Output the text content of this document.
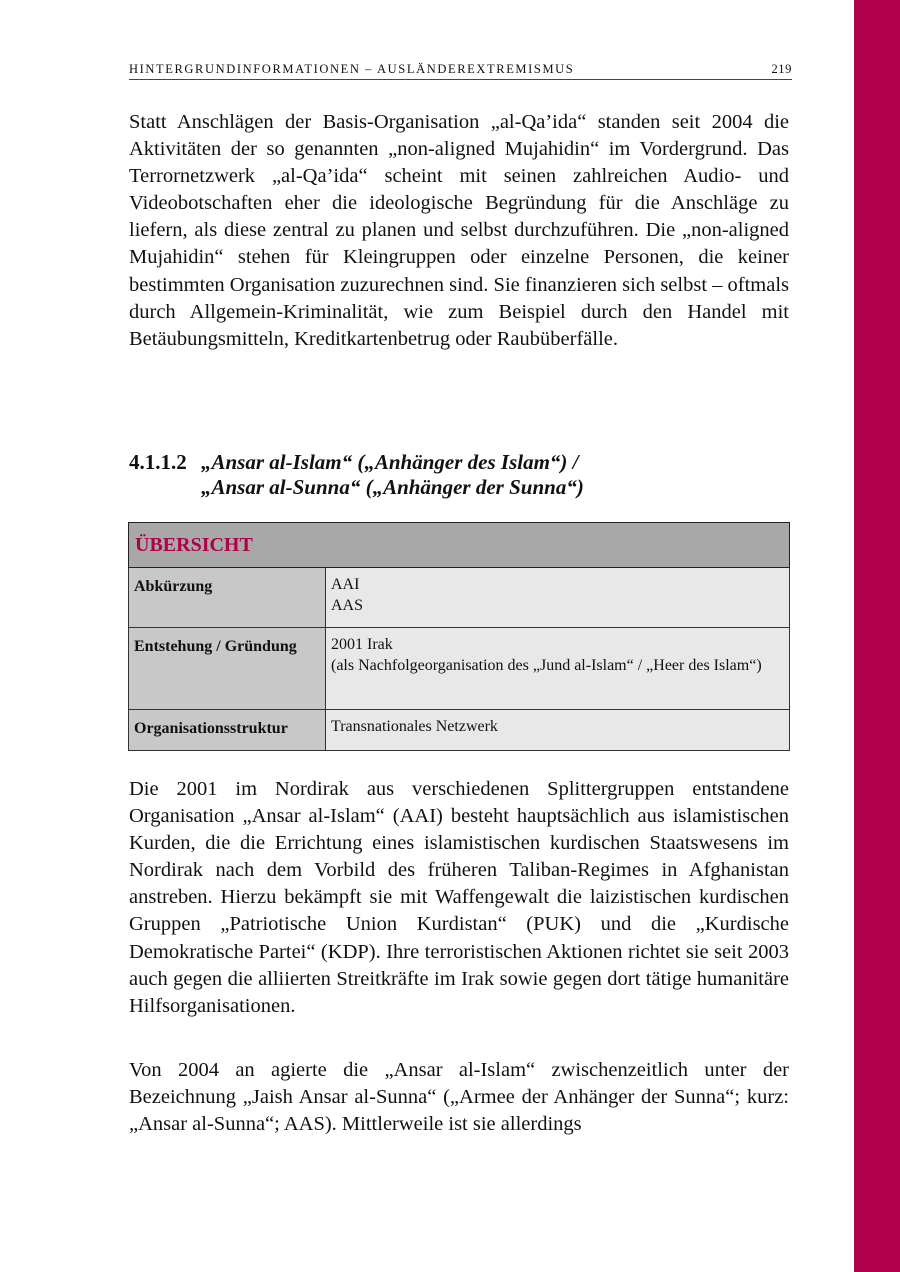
HINTERGRUNDINFORMATIONEN – AUSLÄNDEREXTREMISMUS	219

Statt Anschlägen der Basis-Organisation „al-Qa’ida“ standen seit 2004 die Aktivitäten der so genannten „non-aligned Mujahidin“ im Vordergrund. Das Terrornetzwerk „al-Qa’ida“ scheint mit seinen zahlreichen Audio- und Videobotschaften eher die ideologische Begründung für die Anschläge zu liefern, als diese zentral zu planen und selbst durchzuführen. Die „non-aligned Mujahidin“ stehen für Kleingruppen oder einzelne Personen, die keiner bestimmten Organisation zuzurechnen sind. Sie finanzieren sich selbst – oftmals durch Allgemein-Kriminalität, wie zum Beispiel durch den Handel mit Betäubungsmitteln, Kreditkartenbetrug oder Raubüberfälle.

4.1.1.2 „Ansar al-Islam“ („Anhänger des Islam“) /
„Ansar al-Sunna“ („Anhänger der Sunna“)
ÜBERSICHT	
Abkürzung	AAI
AAS

Entstehung / Gründung	2001 Irak
(als Nachfolgeorganisation des „Jund al-Islam“ / „Heer des Islam“)

Organisationsstruktur	Transnationales Netzwerk

Die 2001 im Nordirak aus verschiedenen Splittergruppen entstandene Organisation „Ansar al-Islam“ (AAI) besteht hauptsächlich aus islamistischen Kurden, die die Errichtung eines islamistischen kurdischen Staatswesens im Nordirak nach dem Vorbild des früheren Taliban-Regimes in Afghanistan anstreben. Hierzu bekämpft sie mit Waffengewalt die laizistischen kurdischen Gruppen „Patriotische Union Kurdistan“ (PUK) und die „Kurdische Demokratische Partei“ (KDP). Ihre terroristischen Aktionen richtet sie seit 2003 auch gegen die alliierten Streitkräfte im Irak sowie gegen dort tätige humanitäre Hilfsorganisationen.

Von 2004 an agierte die „Ansar al-Islam“ zwischenzeitlich unter der Bezeichnung „Jaish Ansar al-Sunna“ („Armee der Anhänger der Sunna“; kurz: „Ansar al-Sunna“; AAS). Mittlerweile ist sie allerdings
